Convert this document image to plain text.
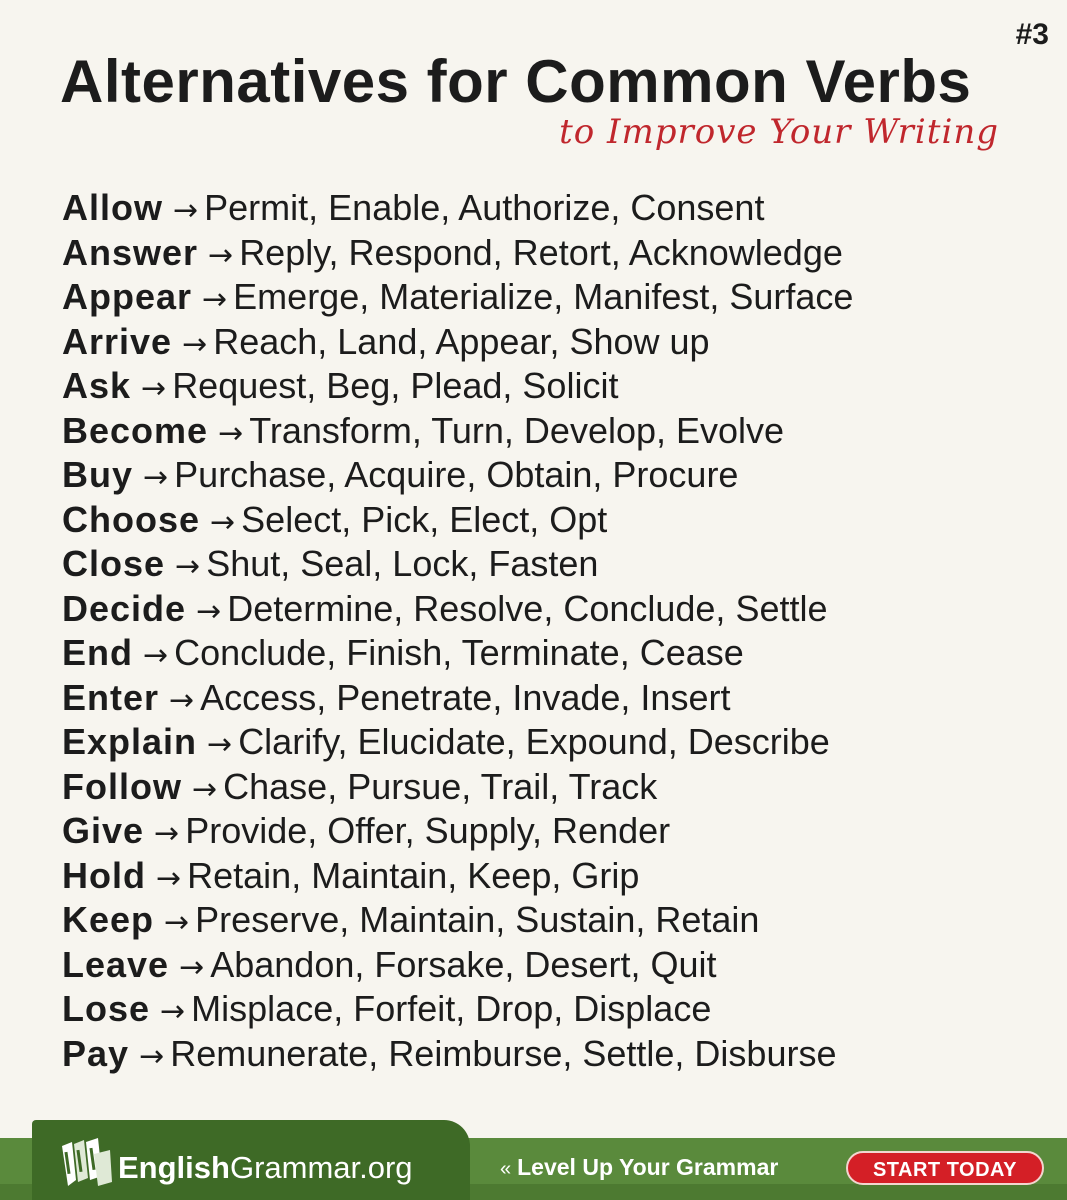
#3
Alternatives for Common Verbs
to Improve Your Writing
Allow → Permit, Enable, Authorize, Consent
Answer → Reply, Respond, Retort, Acknowledge
Appear → Emerge, Materialize, Manifest, Surface
Arrive → Reach, Land, Appear, Show up
Ask → Request, Beg, Plead, Solicit
Become → Transform, Turn, Develop, Evolve
Buy → Purchase, Acquire, Obtain, Procure
Choose → Select, Pick, Elect, Opt
Close → Shut, Seal, Lock, Fasten
Decide → Determine, Resolve, Conclude, Settle
End → Conclude, Finish, Terminate, Cease
Enter → Access, Penetrate, Invade, Insert
Explain → Clarify, Elucidate, Expound, Describe
Follow → Chase, Pursue, Trail, Track
Give → Provide, Offer, Supply, Render
Hold → Retain, Maintain, Keep, Grip
Keep → Preserve, Maintain, Sustain, Retain
Leave → Abandon, Forsake, Desert, Quit
Lose → Misplace, Forfeit, Drop, Displace
Pay → Remunerate, Reimburse, Settle, Disburse
EnglishGrammar.org	« Level Up Your Grammar	START TODAY
